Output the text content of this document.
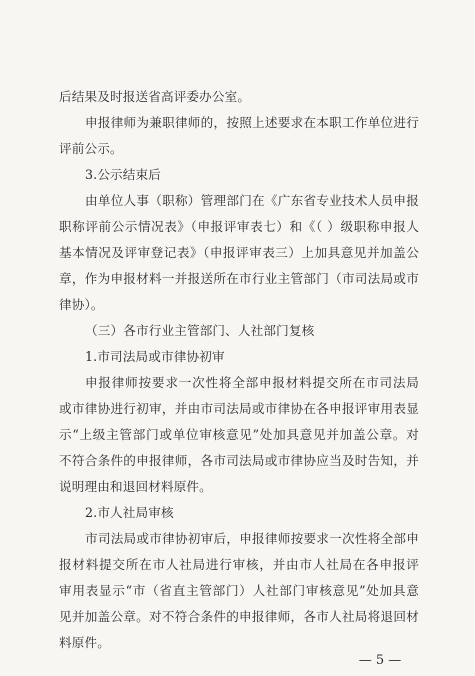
后结果及时报送省高评委办公室。
申报律师为兼职律师的，按照上述要求在本职工作单位进行
评前公示。
3.公示结束后
由单位人事（职称）管理部门在《广东省专业技术人员申报
职称评前公示情况表》（申报评审表七）和《（ ）级职称申报人
基本情况及评审登记表》（申报评审表三）上加具意见并加盖公
章，作为申报材料一并报送所在市行业主管部门（市司法局或市
律协）。
（三）各市行业主管部门、人社部门复核
1.市司法局或市律协初审
申报律师按要求一次性将全部申报材料提交所在市司法局
或市律协进行初审，并由市司法局或市律协在各申报评审用表显
示“上级主管部门或单位审核意见”处加具意见并加盖公章。对
不符合条件的申报律师，各市司法局或市律协应当及时告知，并
说明理由和退回材料原件。
2.市人社局审核
市司法局或市律协初审后，申报律师按要求一次性将全部申
报材料提交所在市人社局进行审核，并由市人社局在各申报评
审用表显示“市（省直主管部门）人社部门审核意见”处加具意
见并加盖公章。对不符合条件的申报律师，各市人社局将退回材
料原件。
— 5 —
